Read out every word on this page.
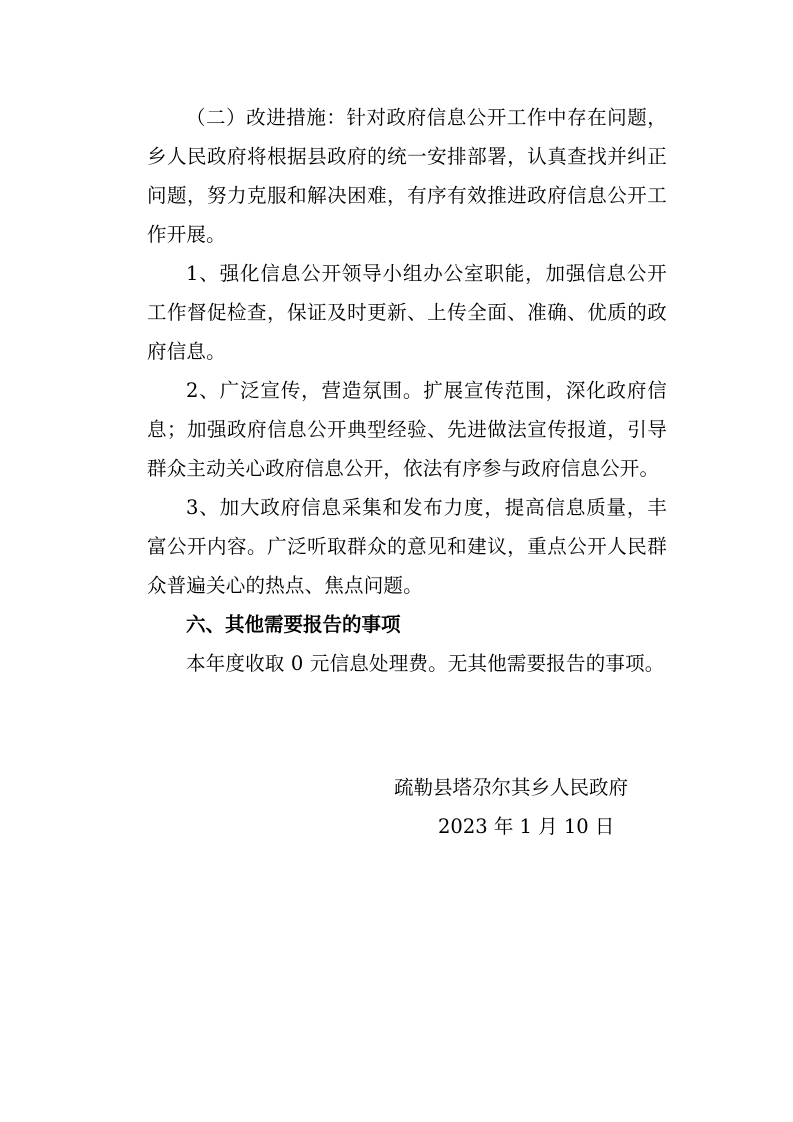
（二）改进措施：针对政府信息公开工作中存在问题，乡人民政府将根据县政府的统一安排部署，认真查找并纠正问题，努力克服和解决困难，有序有效推进政府信息公开工作开展。

1、强化信息公开领导小组办公室职能，加强信息公开工作督促检查，保证及时更新、上传全面、准确、优质的政府信息。

2、广泛宣传，营造氛围。扩展宣传范围，深化政府信息；加强政府信息公开典型经验、先进做法宣传报道，引导群众主动关心政府信息公开，依法有序参与政府信息公开。

3、加大政府信息采集和发布力度，提高信息质量，丰富公开内容。广泛听取群众的意见和建议，重点公开人民群众普遍关心的热点、焦点问题。

六、其他需要报告的事项

本年度收取 0 元信息处理费。无其他需要报告的事项。

疏勒县塔尕尔其乡人民政府

2023 年 1 月 10 日
